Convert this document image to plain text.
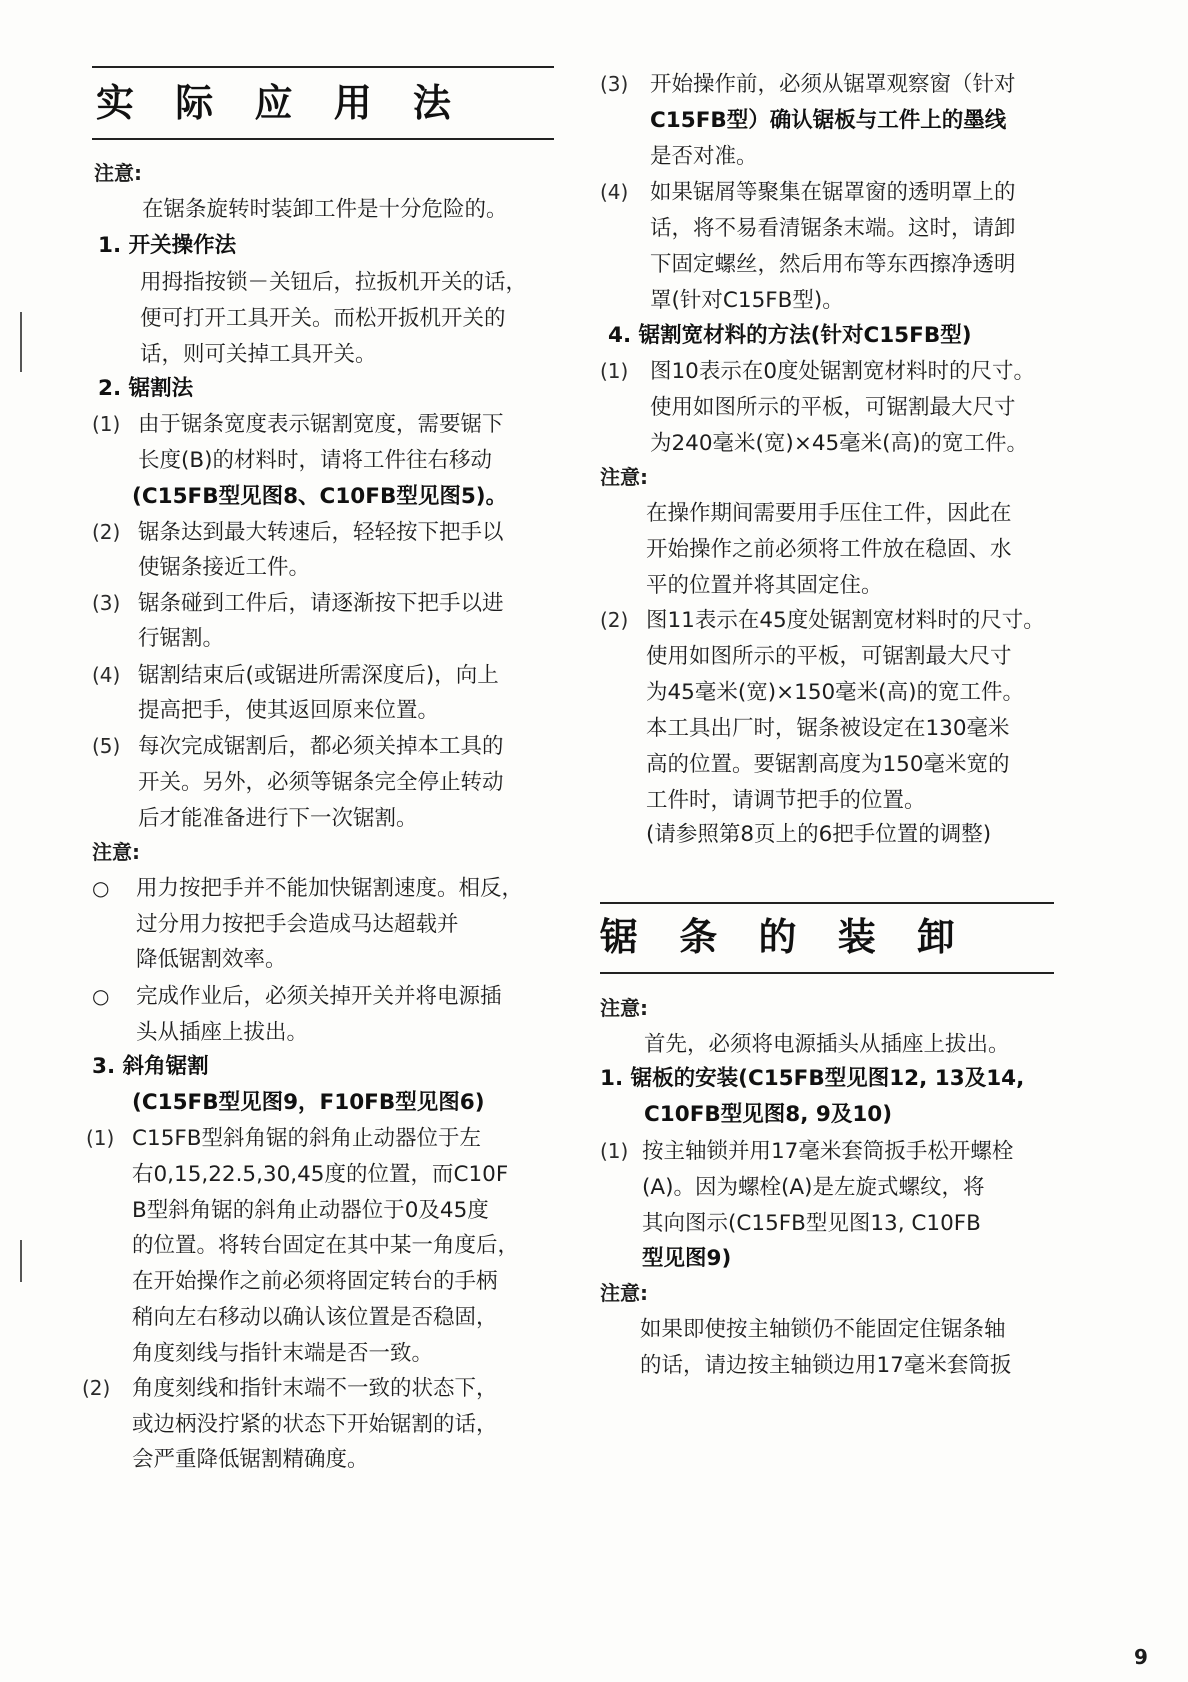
实 际 应 用 法
注意:
在锯条旋转时装卸工件是十分危险的。
1. 开关操作法
用拇指按锁－关钮后，拉扳机开关的话，
便可打开工具开关。而松开扳机开关的
话，则可关掉工具开关。
2. 锯割法
(1) 由于锯条宽度表示锯割宽度，需要锯下
长度(B)的材料时，请将工件往右移动
(C15FB型见图8、C10FB型见图5)。
(2) 锯条达到最大转速后，轻轻按下把手以
使锯条接近工件。
(3) 锯条碰到工件后，请逐渐按下把手以进
行锯割。
(4) 锯割结束后(或锯进所需深度后)，向上
提高把手，使其返回原来位置。
(5) 每次完成锯割后，都必须关掉本工具的
开关。另外，必须等锯条完全停止转动
后才能准备进行下一次锯割。
注意:
○ 用力按把手并不能加快锯割速度。相反，
过分用力按把手会造成马达超载并
降低锯割效率。
○ 完成作业后，必须关掉开关并将电源插
头从插座上拔出。
3. 斜角锯割
(C15FB型见图9，F10FB型见图6)
(1) C15FB型斜角锯的斜角止动器位于左
右0,15,22.5,30,45度的位置，而C10F
B型斜角锯的斜角止动器位于0及45度
的位置。将转台固定在其中某一角度后，
在开始操作之前必须将固定转台的手柄
稍向左右移动以确认该位置是否稳固，
角度刻线与指针末端是否一致。
(2) 角度刻线和指针末端不一致的状态下，
或边柄没拧紧的状态下开始锯割的话，
会严重降低锯割精确度。
(3) 开始操作前，必须从锯罩观察窗（针对
C15FB型）确认锯板与工件上的墨线
是否对准。
(4) 如果锯屑等聚集在锯罩窗的透明罩上的
话，将不易看清锯条末端。这时，请卸
下固定螺丝，然后用布等东西擦净透明
罩(针对C15FB型)。
4. 锯割宽材料的方法(针对C15FB型)
(1) 图10表示在0度处锯割宽材料时的尺寸。
使用如图所示的平板，可锯割最大尺寸
为240毫米(宽)×45毫米(高)的宽工件。
注意:
在操作期间需要用手压住工件，因此在
开始操作之前必须将工件放在稳固、水
平的位置并将其固定住。
(2) 图11表示在45度处锯割宽材料时的尺寸。
使用如图所示的平板，可锯割最大尺寸
为45毫米(宽)×150毫米(高)的宽工件。
本工具出厂时，锯条被设定在130毫米
高的位置。要锯割高度为150毫米宽的
工件时，请调节把手的位置。
(请参照第8页上的6把手位置的调整)
锯 条 的 装 卸
注意:
首先，必须将电源插头从插座上拔出。
1. 锯板的安装(C15FB型见图12, 13及14,
C10FB型见图8, 9及10)
(1) 按主轴锁并用17毫米套筒扳手松开螺栓
(A)。因为螺栓(A)是左旋式螺纹，将
其向图示(C15FB型见图13, C10FB
型见图9)
注意:
如果即使按主轴锁仍不能固定住锯条轴
的话，请边按主轴锁边用17毫米套筒扳
9
